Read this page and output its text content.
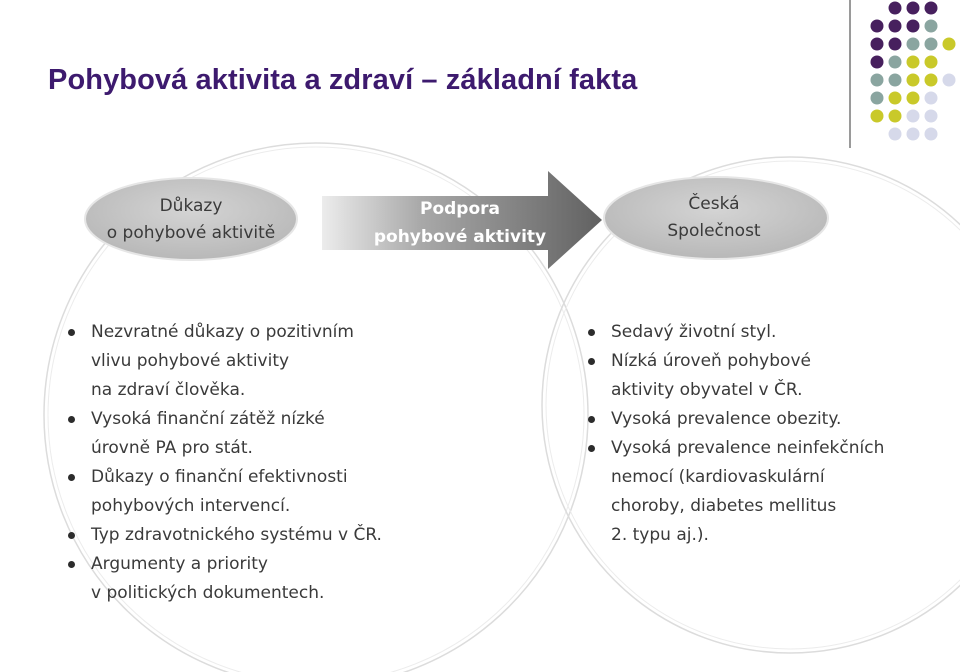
Pohybová aktivita a zdraví – základní fakta
Důkazy
o pohybové aktivitě
Podpora
pohybové aktivity
Česká
Společnost
Nezvratné důkazy o pozitivním
vlivu pohybové aktivity
na zdraví člověka.
Vysoká finanční zátěž nízké
úrovně PA pro stát.
Důkazy o finanční efektivnosti
pohybových intervencí.
Typ zdravotnického systému v ČR.
Argumenty a priority
v politických dokumentech.
Sedavý životní styl.
Nízká úroveň pohybové
aktivity obyvatel v ČR.
Vysoká prevalence obezity.
Vysoká prevalence neinfekčních
nemocí (kardiovaskulární
choroby, diabetes mellitus
2. typu aj.).
